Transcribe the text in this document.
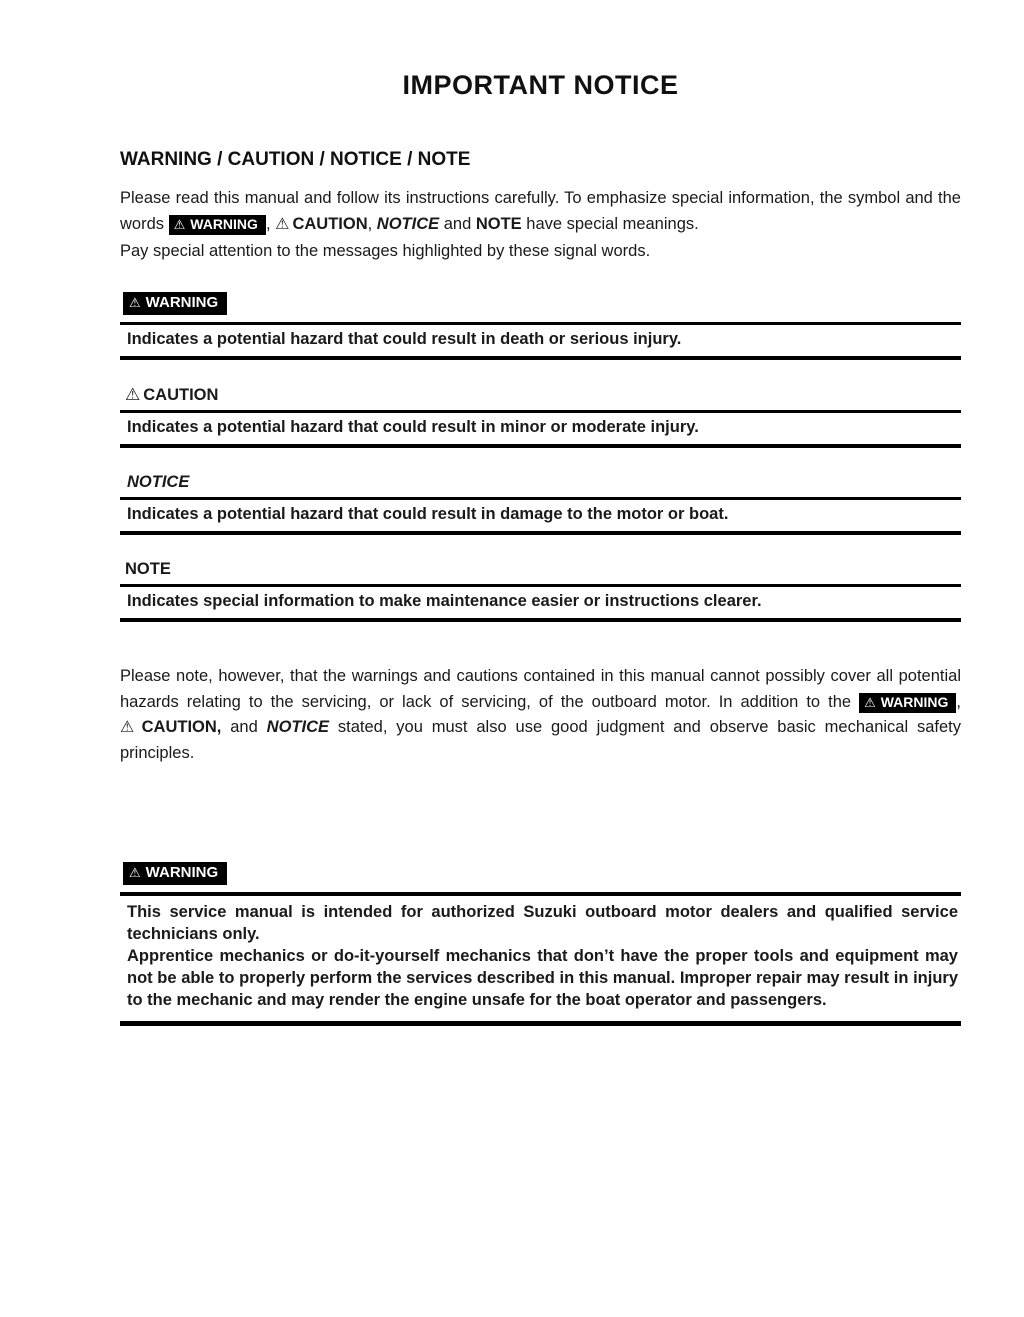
IMPORTANT NOTICE
WARNING / CAUTION / NOTICE / NOTE

Please read this manual and follow its instructions carefully. To emphasize special information, the symbol and the words ⚠ WARNING , ⚠ CAUTION, NOTICE and NOTE have special meanings.

Pay special attention to the messages highlighted by these signal words.
⚠ WARNING
Indicates a potential hazard that could result in death or serious injury.
⚠ CAUTION
Indicates a potential hazard that could result in minor or moderate injury.
NOTICE
Indicates a potential hazard that could result in damage to the motor or boat.
NOTE
Indicates special information to make maintenance easier or instructions clearer.

Please note, however, that the warnings and cautions contained in this manual cannot possibly cover all potential hazards relating to the servicing, or lack of servicing, of the outboard motor. In addition to the ⚠ WARNING , ⚠ CAUTION, and NOTICE stated, you must also use good judgment and observe basic mechanical safety principles.

⚠ WARNING

This service manual is intended for authorized Suzuki outboard motor dealers and qualified service technicians only.

Apprentice mechanics or do-it-yourself mechanics that don’t have the proper tools and equipment may not be able to properly perform the services described in this manual. Improper repair may result in injury to the mechanic and may render the engine unsafe for the boat operator and passengers.
